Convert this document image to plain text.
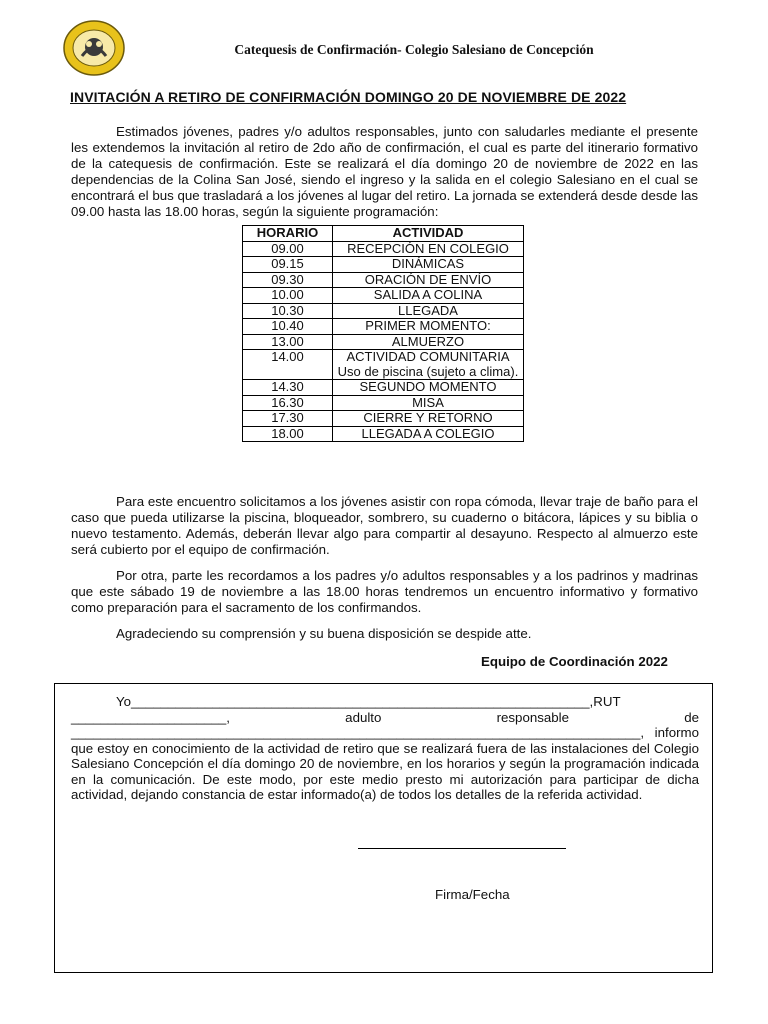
Catequesis de Confirmación- Colegio Salesiano de Concepción
INVITACIÓN A RETIRO DE CONFIRMACIÓN DOMINGO 20 DE NOVIEMBRE DE 2022

Estimados jóvenes, padres y/o adultos responsables, junto con saludarles mediante el presente les extendemos la invitación al retiro de 2do año de confirmación, el cual es parte del itinerario formativo de la catequesis de confirmación. Este se realizará el día domingo 20 de noviembre de 2022 en las dependencias de la Colina San José, siendo el ingreso y la salida en el colegio Salesiano en el cual se encontrará el bus que trasladará a los jóvenes al lugar del retiro. La jornada se extenderá desde desde las 09.00 hasta las 18.00 horas, según la siguiente programación:

HORARIO	ACTIVIDAD
09.00	RECEPCIÓN EN COLEGIO
09.15	DINÁMICAS
09.30	ORACIÓN DE ENVÍO
10.00	SALIDA A COLINA
10.30	LLEGADA
10.40	PRIMER MOMENTO:
13.00	ALMUERZO
14.00	ACTIVIDAD COMUNITARIA
Uso de piscina (sujeto a clima).
14.30	SEGUNDO MOMENTO
16.30	MISA
17.30	CIERRE Y RETORNO
18.00	LLEGADA A COLEGIO

Para este encuentro solicitamos a los jóvenes asistir con ropa cómoda, llevar traje de baño para el caso que pueda utilizarse la piscina, bloqueador, sombrero, su cuaderno o bitácora, lápices y su biblia o nuevo testamento. Además, deberán llevar algo para compartir al desayuno. Respecto al almuerzo este será cubierto por el equipo de confirmación.

Por otra, parte les recordamos a los padres y/o adultos responsables y a los padrinos y madrinas que este sábado 19 de noviembre a las 18.00 horas tendremos un encuentro informativo y formativo como preparación para el sacramento de los confirmandos.

Agradeciendo su comprensión y su buena disposición se despide atte.

Equipo de Coordinación 2022

Yo______________________________________________________________,RUT
_____________________,	adulto	responsable	de
_____________________________________________________________________________, informo
que estoy en conocimiento de la actividad de retiro que se realizará fuera de las instalaciones del Colegio Salesiano Concepción el día domingo 20 de noviembre, en los horarios y según la programación indicada en la comunicación. De este modo, por este medio presto mi autorización para participar de dicha actividad, dejando constancia de estar informado(a) de todos los detalles de la referida actividad.

Firma/Fecha
